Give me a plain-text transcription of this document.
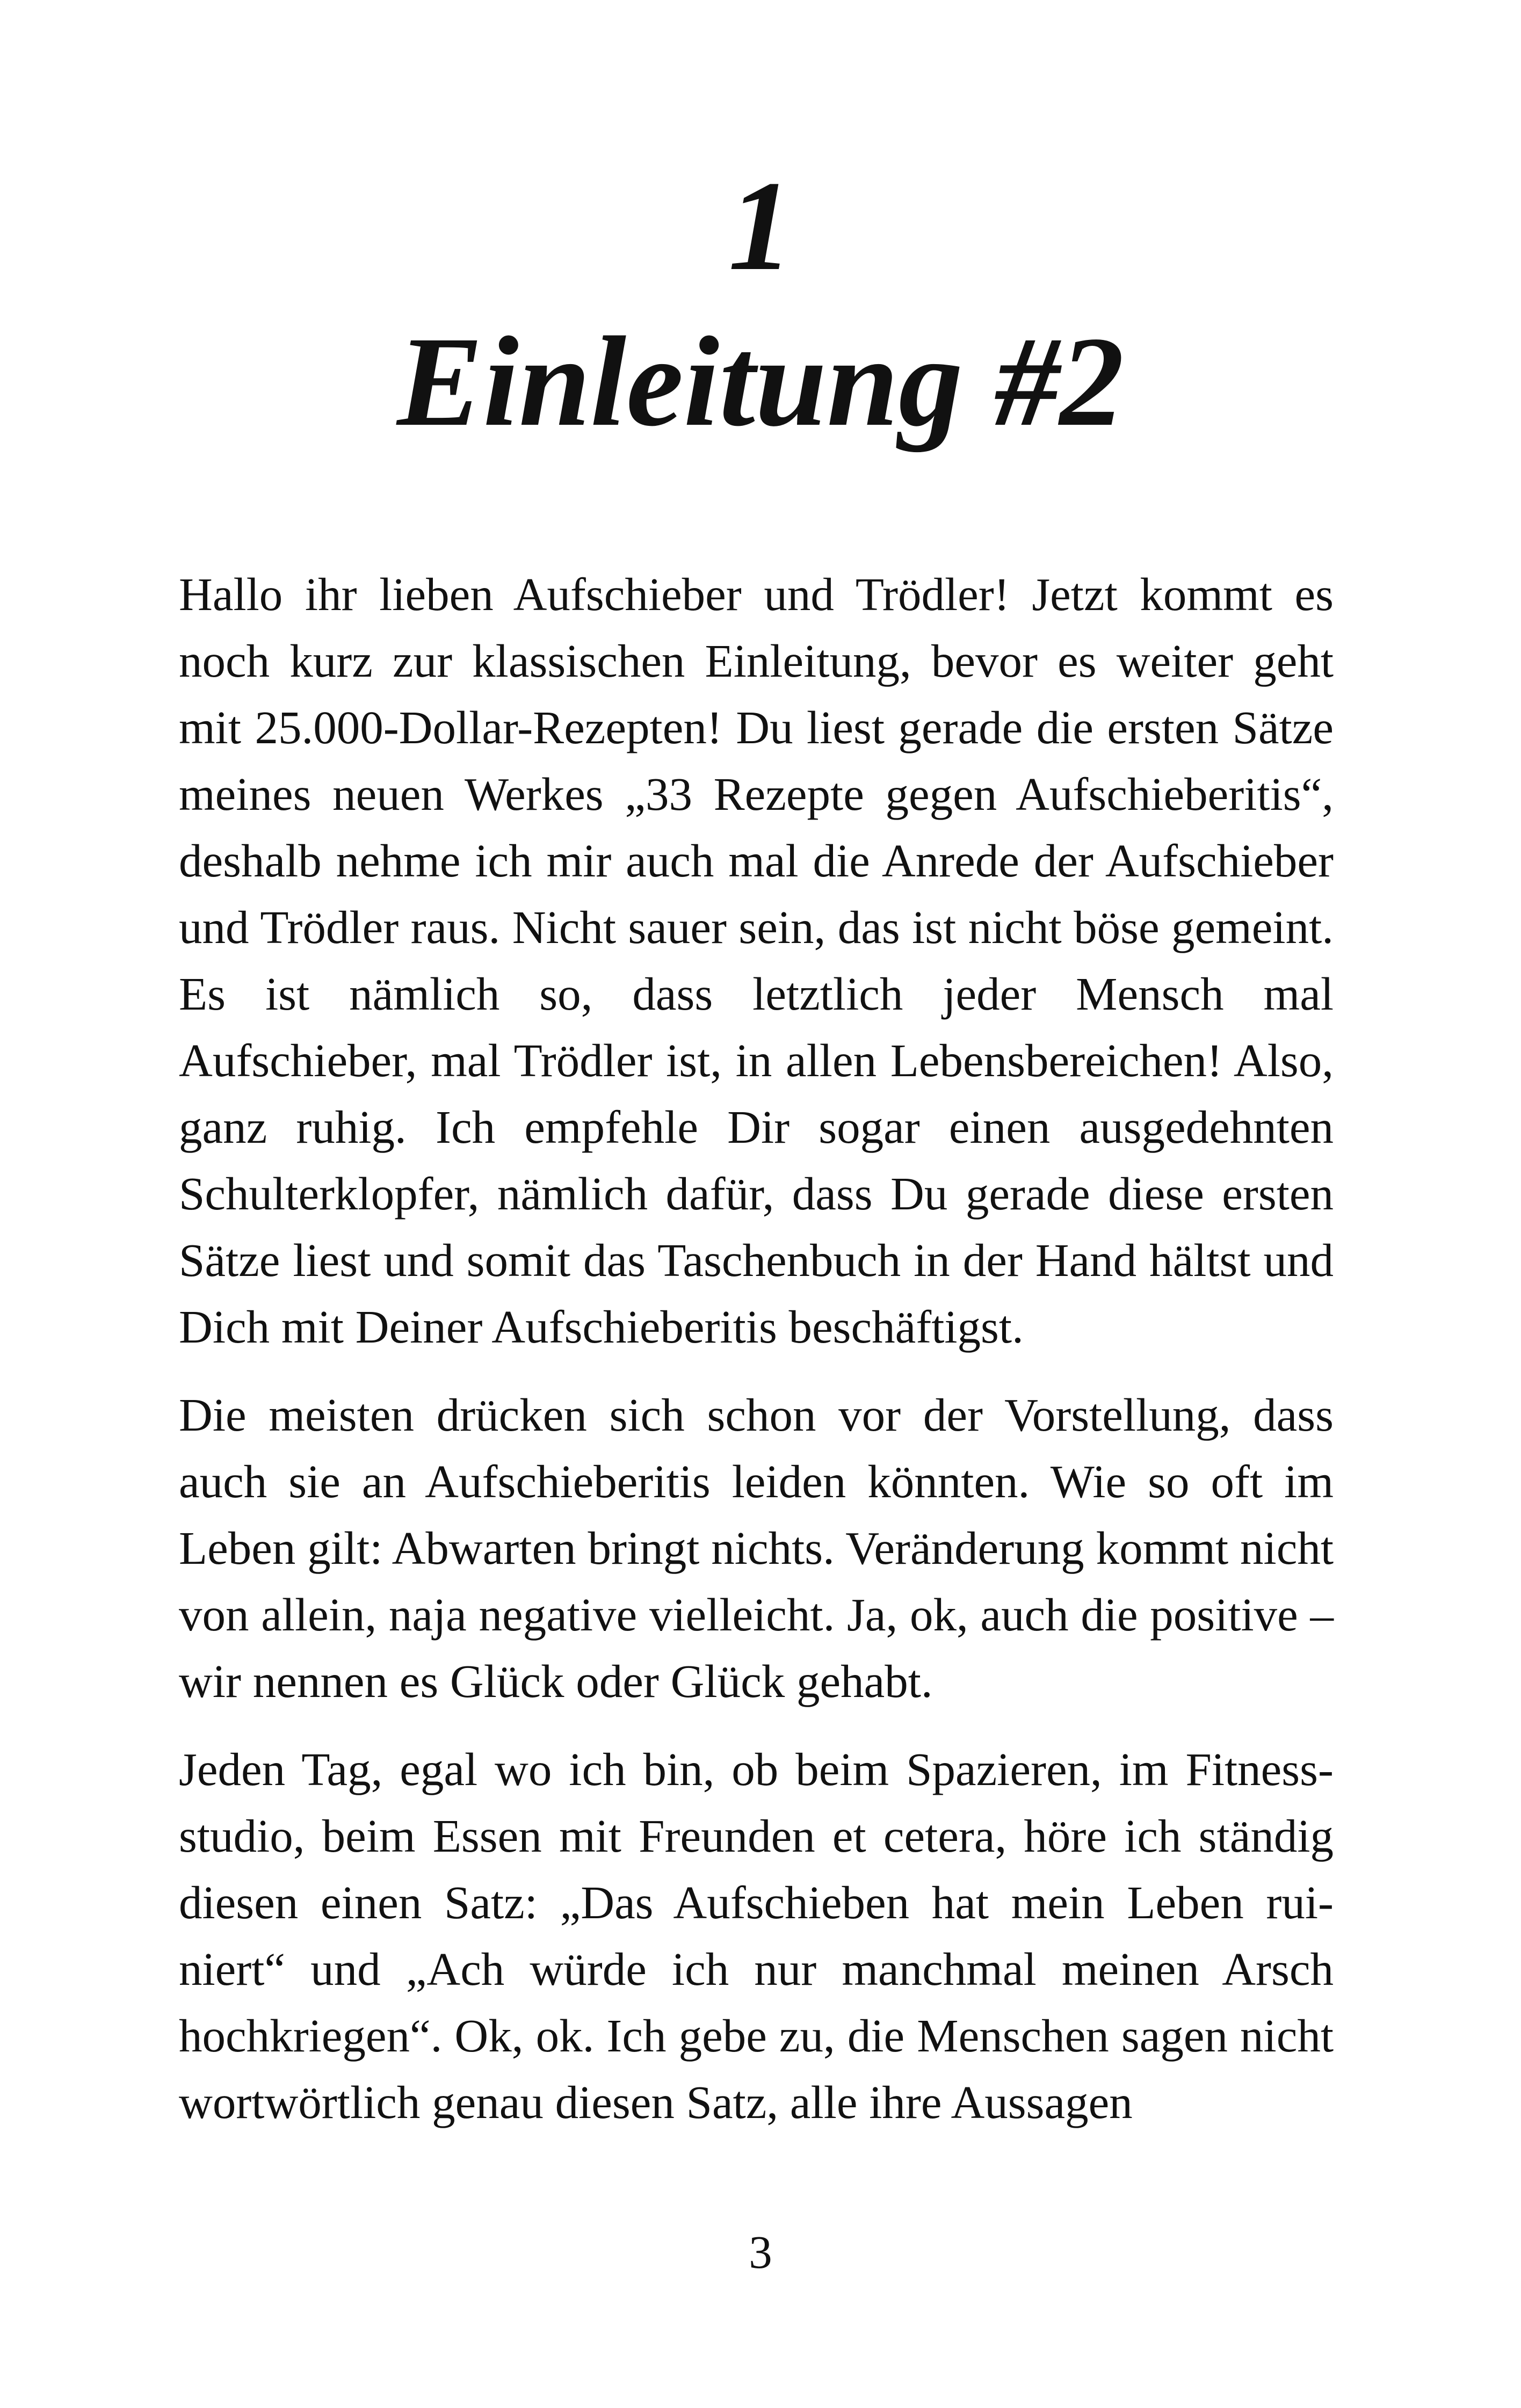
1
Einleitung #2

Hallo ihr lieben Aufschieber und Trödler! Jetzt kommt es noch kurz zur klassischen Einleitung, bevor es weiter geht mit 25.000-Dollar-Rezepten! Du liest gerade die ersten Sätze meines neuen Werkes „33 Rezepte gegen Aufschieberitis“, deshalb nehme ich mir auch mal die Anrede der Aufschieber und Trödler raus. Nicht sauer sein, das ist nicht böse gemeint. Es ist nämlich so, dass letztlich jeder Mensch mal Aufschieber, mal Trödler ist, in allen Lebensbereichen! Also, ganz ruhig. Ich empfehle Dir sogar einen ausgedehnten Schulterklopfer, nämlich dafür, dass Du gerade diese ersten Sätze liest und somit das Taschenbuch in der Hand hältst und Dich mit Deiner Aufschieberitis beschäftigst.

Die meisten drücken sich schon vor der Vorstellung, dass auch sie an Aufschieberitis leiden könnten. Wie so oft im Leben gilt: Abwarten bringt nichts. Veränderung kommt nicht von allein, naja negative vielleicht. Ja, ok, auch die positive – wir nennen es Glück oder Glück gehabt.

Jeden Tag, egal wo ich bin, ob beim Spazieren, im Fitnessstudio, beim Essen mit Freunden et cetera, höre ich ständig diesen einen Satz: „Das Aufschieben hat mein Leben ruiniert“ und „Ach würde ich nur manchmal meinen Arsch hochkriegen“. Ok, ok. Ich gebe zu, die Menschen sagen nicht wortwörtlich genau diesen Satz, alle ihre Aussagen

3
